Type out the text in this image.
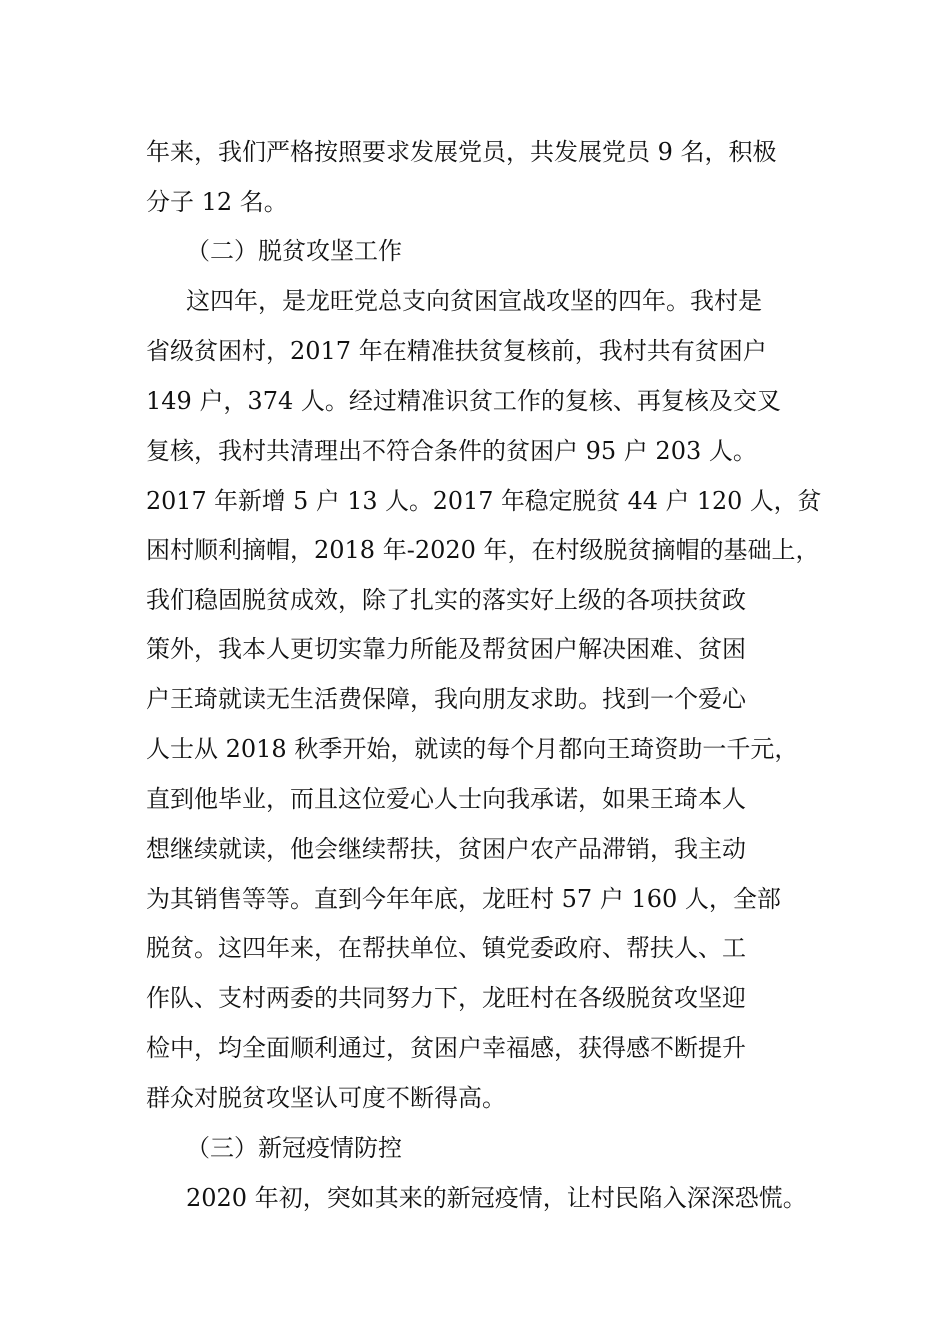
年来，我们严格按照要求发展党员，共发展党员 9 名，积极
分子 12 名。
（二）脱贫攻坚工作
这四年，是龙旺党总支向贫困宣战攻坚的四年。我村是
省级贫困村，2017 年在精准扶贫复核前，我村共有贫困户
149 户，374 人。经过精准识贫工作的复核、再复核及交叉
复核，我村共清理出不符合条件的贫困户 95 户 203 人。
2017 年新增 5 户 13 人。2017 年稳定脱贫 44 户 120 人，贫
困村顺利摘帽，2018 年-2020 年，在村级脱贫摘帽的基础上，
我们稳固脱贫成效，除了扎实的落实好上级的各项扶贫政
策外，我本人更切实靠力所能及帮贫困户解决困难、贫困
户王琦就读无生活费保障，我向朋友求助。找到一个爱心
人士从 2018 秋季开始，就读的每个月都向王琦资助一千元，
直到他毕业，而且这位爱心人士向我承诺，如果王琦本人
想继续就读，他会继续帮扶，贫困户农产品滞销，我主动
为其销售等等。直到今年年底，龙旺村 57 户 160 人，全部
脱贫。这四年来，在帮扶单位、镇党委政府、帮扶人、工
作队、支村两委的共同努力下，龙旺村在各级脱贫攻坚迎
检中，均全面顺利通过，贫困户幸福感，获得感不断提升
群众对脱贫攻坚认可度不断得高。
（三）新冠疫情防控
2020 年初，突如其来的新冠疫情，让村民陷入深深恐慌。
